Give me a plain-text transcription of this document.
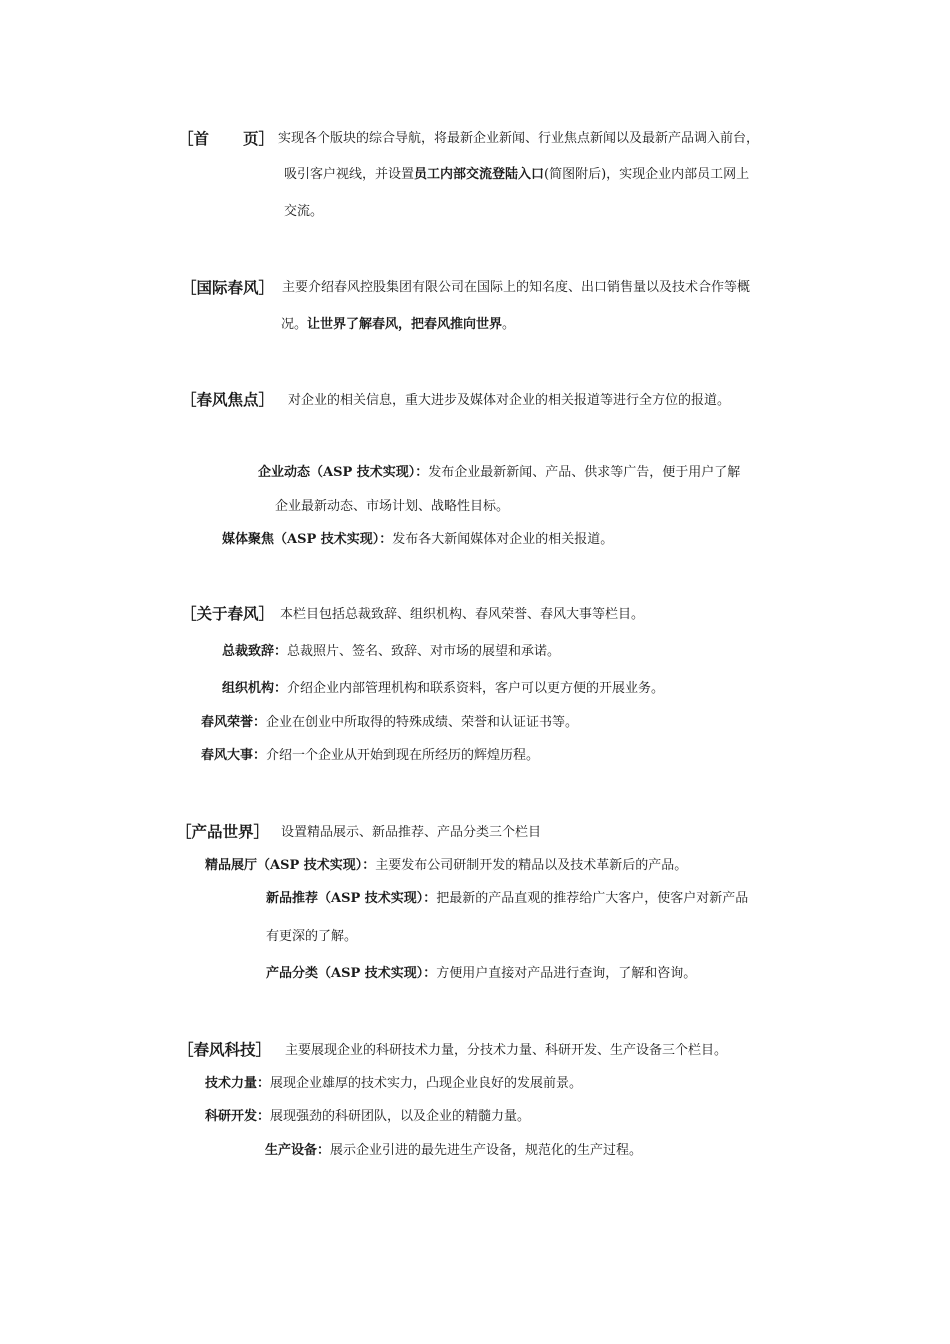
［首 页］ 实现各个版块的综合导航，将最新企业新闻、行业焦点新闻以及最新产品调入前台，
吸引客户视线，并设置员工内部交流登陆入口(简图附后)，实现企业内部员工网上
交流。
［国际春风］ 主要介绍春风控股集团有限公司在国际上的知名度、出口销售量以及技术合作等概
况。让世界了解春风，把春风推向世界。
［春风焦点］ 对企业的相关信息，重大进步及媒体对企业的相关报道等进行全方位的报道。
企业动态（ASP 技术实现）：发布企业最新新闻、产品、供求等广告，便于用户了解
企业最新动态、市场计划、战略性目标。
媒体聚焦（ASP 技术实现）：发布各大新闻媒体对企业的相关报道。
［关于春风］ 本栏目包括总裁致辞、组织机构、春风荣誉、春风大事等栏目。
总裁致辞：总裁照片、签名、致辞、对市场的展望和承诺。
组织机构：介绍企业内部管理机构和联系资料，客户可以更方便的开展业务。
春风荣誉：企业在创业中所取得的特殊成绩、荣誉和认证证书等。
春风大事：介绍一个企业从开始到现在所经历的辉煌历程。
［产品世界］ 设置精品展示、新品推荐、产品分类三个栏目
精品展厅（ASP 技术实现）：主要发布公司研制开发的精品以及技术革新后的产品。
新品推荐（ASP 技术实现）：把最新的产品直观的推荐给广大客户，使客户对新产品
有更深的了解。
产品分类（ASP 技术实现）：方便用户直接对产品进行查询，了解和咨询。
［春风科技］ 主要展现企业的科研技术力量，分技术力量、科研开发、生产设备三个栏目。
技术力量：展现企业雄厚的技术实力，凸现企业良好的发展前景。
科研开发：展现强劲的科研团队，以及企业的精髓力量。
生产设备：展示企业引进的最先进生产设备，规范化的生产过程。
